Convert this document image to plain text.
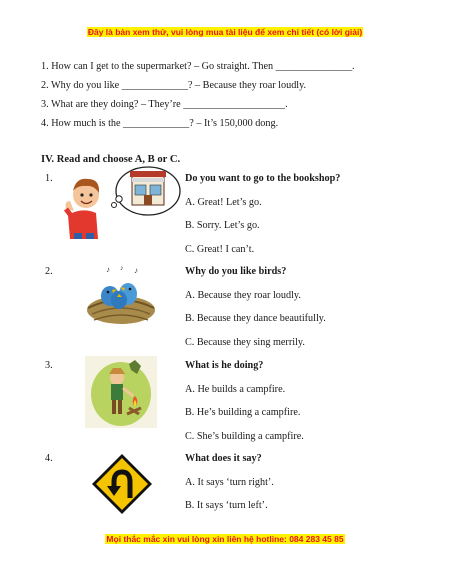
Đây là bản xem thử, vui lòng mua tài liệu để xem chi tiết (có lời giải)
1. How can I get to the supermarket? – Go straight. Then _______________.
2. Why do you like _____________? – Because they roar loudly.
3. What are they doing? – They’re ____________________.
4. How much is the _____________? – It’s 150,000 dong.
IV. Read and choose A, B or C.
1.	Do you want to go to the bookshop?
A. Great! Let’s go.
B. Sorry. Let’s go.
C. Great! I can’t.
2.	♪ ♪ ♪	Why do you like birds?
A. Because they roar loudly.
B. Because they dance beautifully.
C. Because they sing merrily.
3.	What is he doing?
A. He builds a campfire.
B. He’s building a campfire.
C. She’s building a campfire.
4.	What does it say?
A. It says ‘turn right’.
B. It says ‘turn left’.
Mọi thắc mắc xin vui lòng xin liên hệ hotline: 084 283 45 85
